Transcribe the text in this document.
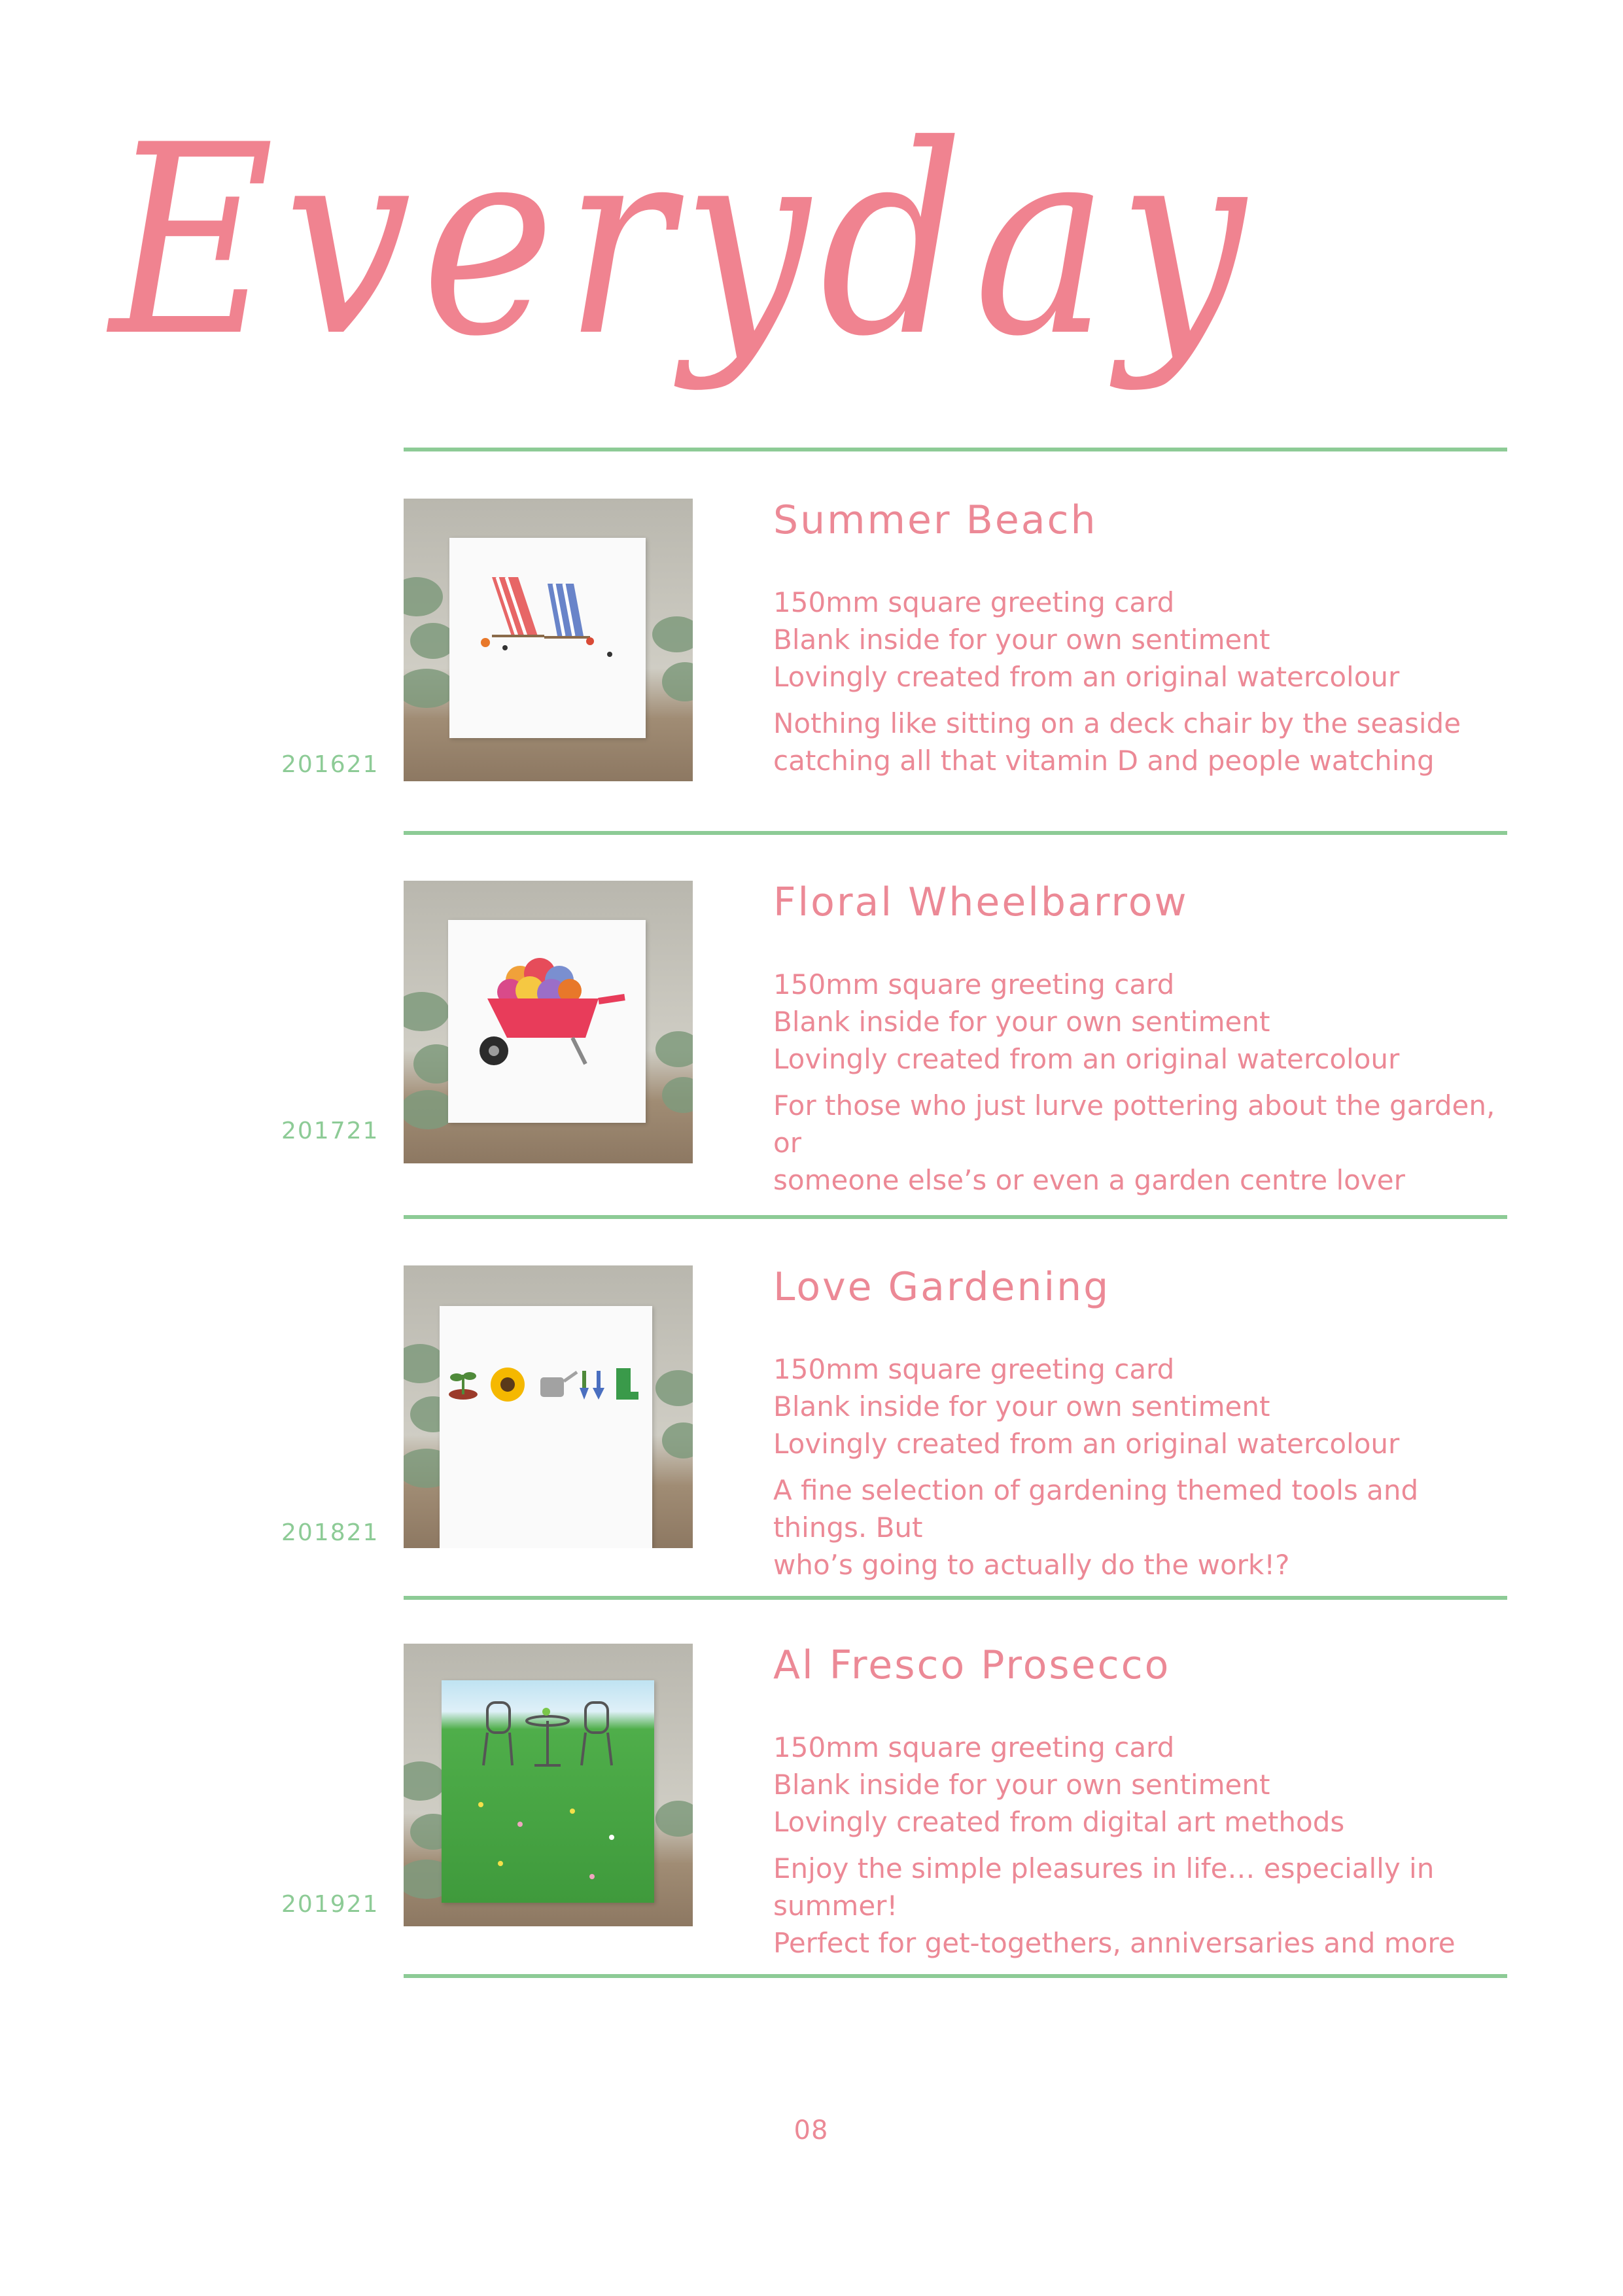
Everyday
201621
Summer Beach
150mm square greeting card
Blank inside for your own sentiment
Lovingly created from an original watercolour
Nothing like sitting on a deck chair by the seaside
catching all that vitamin D and people watching
201721
Floral Wheelbarrow
150mm square greeting card
Blank inside for your own sentiment
Lovingly created from an original watercolour
For those who just lurve pottering about the garden, or
someone else’s or even a garden centre lover
201821
Love Gardening
150mm square greeting card
Blank inside for your own sentiment
Lovingly created from an original watercolour
A fine selection of gardening themed tools and things. But
who’s going to actually do the work!?
201921
Al Fresco Prosecco
150mm square greeting card
Blank inside for your own sentiment
Lovingly created from digital art methods
Enjoy the simple pleasures in life… especially in summer!
Perfect for get-togethers, anniversaries and more
08
